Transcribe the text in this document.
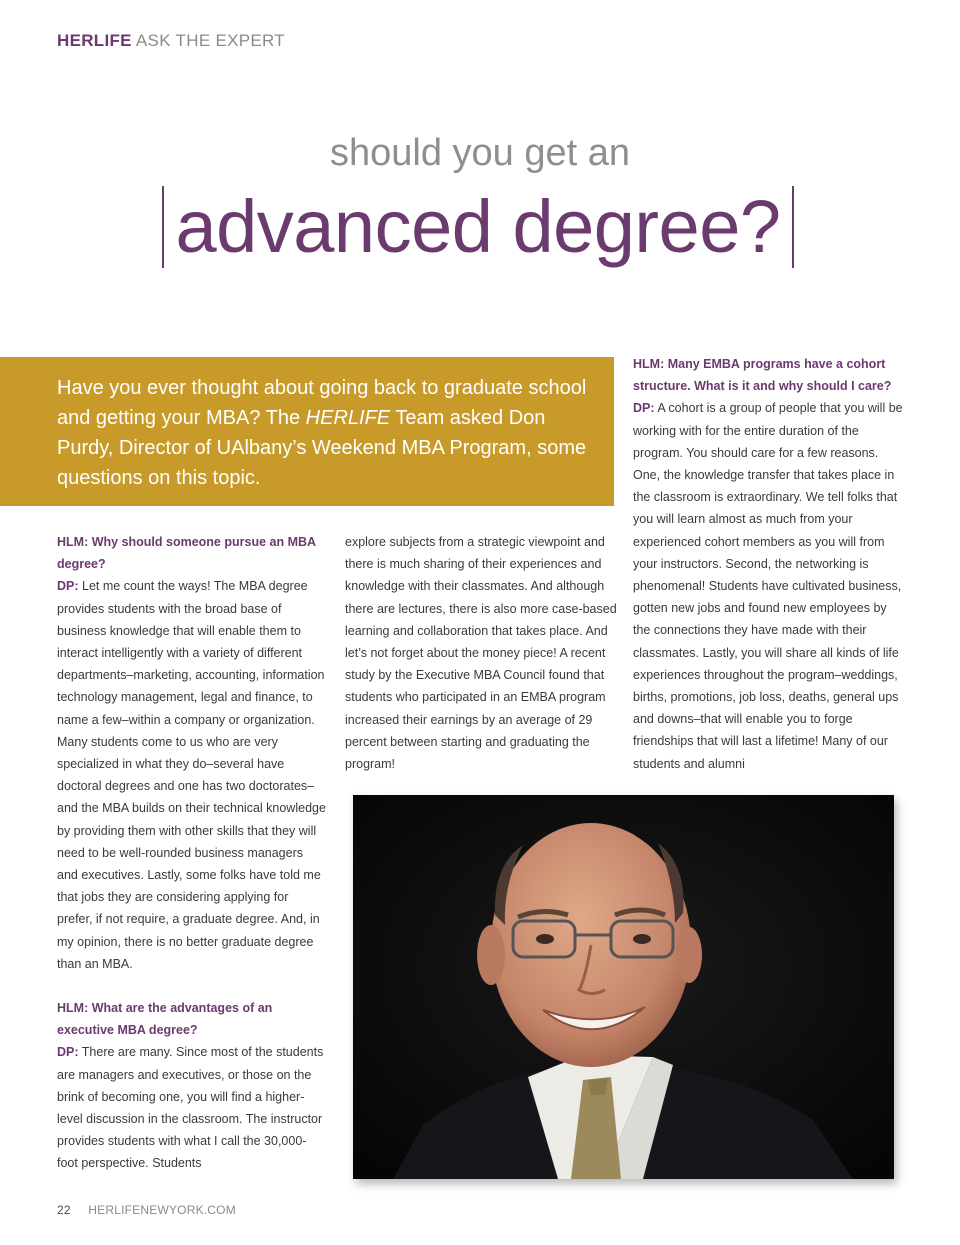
HERLIFE ASK THE EXPERT
should you get an
advanced degree?
Have you ever thought about going back to graduate school and getting your MBA? The HERLIFE Team asked Don Purdy, Director of UAlbany’s Weekend MBA Program, some questions on this topic.

HLM: Why should someone pursue an MBA degree?

DP: Let me count the ways! The MBA degree provides students with the broad base of business knowledge that will enable them to interact intelligently with a variety of different departments–marketing, accounting, information technology management, legal and finance, to name a few–within a company or organization. Many students come to us who are very specialized in what they do–several have doctoral degrees and one has two doctorates–and the MBA builds on their technical knowledge by providing them with other skills that they will need to be well-rounded business managers and executives. Lastly, some folks have told me that jobs they are considering applying for prefer, if not require, a graduate degree. And, in my opinion, there is no better graduate degree than an MBA.

HLM: What are the advantages of an executive MBA degree?

DP: There are many. Since most of the students are managers and executives, or those on the brink of becoming one, you will find a higher-level discussion in the classroom. The instructor provides students with what I call the 30,000-foot perspective. Students

explore subjects from a strategic viewpoint and there is much sharing of their experiences and knowledge with their classmates. And although there are lectures, there is also more case-based learning and collaboration that takes place. And let’s not forget about the money piece! A recent study by the Executive MBA Council found that students who participated in an EMBA program increased their earnings by an average of 29 percent between starting and graduating the program!

HLM: Many EMBA programs have a cohort structure. What is it and why should I care?

DP: A cohort is a group of people that you will be working with for the entire duration of the program. You should care for a few reasons. One, the knowledge transfer that takes place in the classroom is extraordinary. We tell folks that you will learn almost as much from your experienced cohort members as you will from your instructors. Second, the networking is phenomenal! Students have cultivated business, gotten new jobs and found new employees by the connections they have made with their classmates. Lastly, you will share all kinds of life experiences throughout the program–weddings, births, promotions, job loss, deaths, general ups and downs–that will enable you to forge friendships that will last a lifetime! Many of our students and alumni

22 HERLIFENEWYORK.COM
